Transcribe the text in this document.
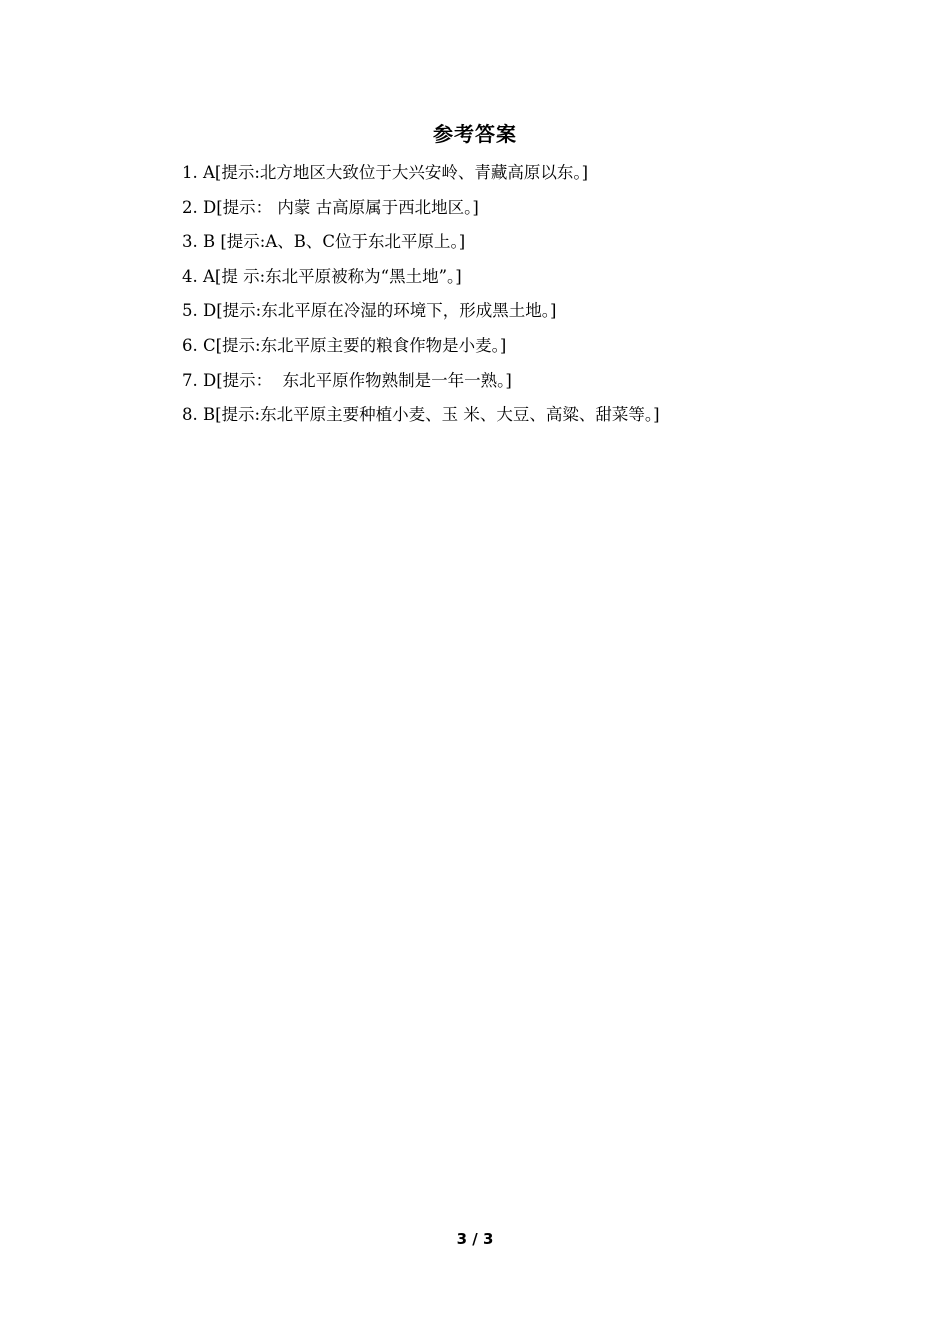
参考答案
1. A[提示:北方地区大致位于大兴安岭、青藏高原以东。]
2. D[提示： 内蒙 古高原属于西北地区。]
3. B [提示:A、B、C位于东北平原上。]
4. A[提 示:东北平原被称为“黑土地”。]
5. D[提示:东北平原在冷湿的环境下，形成黑土地。]
6. C[提示:东北平原主要的粮食作物是小麦。]
7. D[提示：  东北平原作物熟制是一年一熟。]
8. B[提示:东北平原主要种植小麦、玉 米、大豆、高粱、甜菜等。]
3 / 3
